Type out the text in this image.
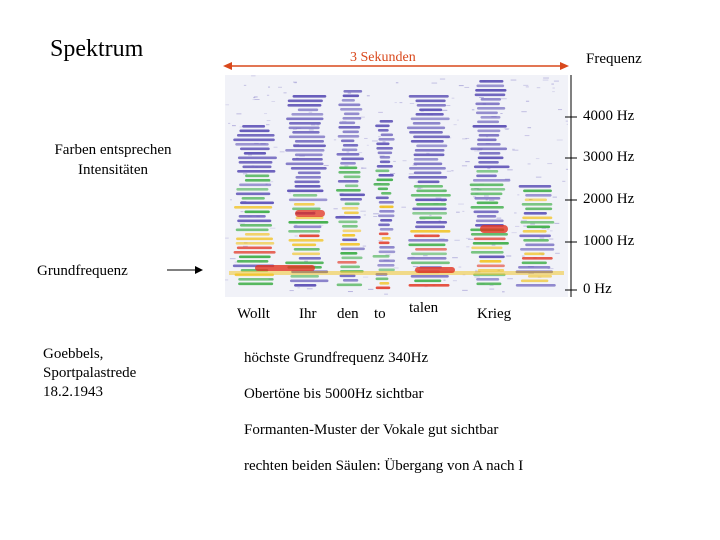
Spektrum
Farben entsprechen Intensitäten
Grundfrequenz
Goebbels,
Sportpalastrede
18.2.1943
3 Sekunden	Frequenz
4000 Hz
3000 Hz
2000 Hz
1000 Hz
0 Hz
Wollt Ihr den to talen	Krieg
höchste Grundfrequenz 340Hz
Obertöne bis 5000Hz sichtbar
Formanten-Muster der Vokale gut sichtbar
rechten beiden Säulen: Übergang von A nach I
